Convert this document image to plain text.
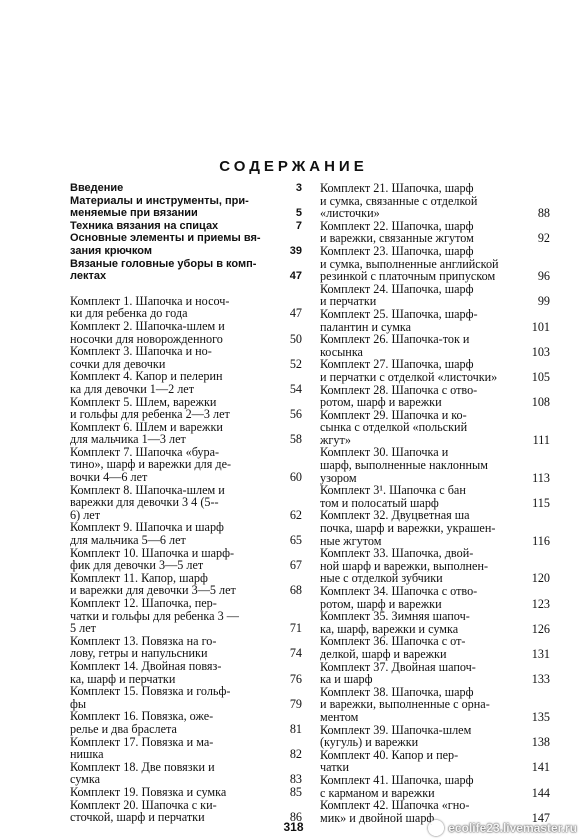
СОДЕРЖАНИЕ
Введение	3
Материалы и инструменты, при-
меняемые при вязании	5
Техника вязания на спицах	7
Основные элементы и приемы вя-
зания крючком	39
Вязаные головные уборы в комп-
лектах	47
Комплект 1. Шапочка и носоч-
ки для ребенка до года	47
Комплект 2. Шапочка-шлем и
носочки для новорожденного	50
Комплект 3. Шапочка и но-
сочки для девочки	52
Комплект 4. Капор и пелерин
ка для девочки 1—2 лет	54
Комплект 5. Шлем, варежки
и гольфы для ребенка 2—3 лет	56
Комплект 6. Шлем и варежки
для мальчика 1—3 лет	58
Комплект 7. Шапочка «бура-
тино», шарф и варежки для де-
вочки 4—6 лет	60
Комплект 8. Шапочка-шлем и
варежки для девочки 3 4 (5--
6) лет	62
Комплект 9. Шапочка и шарф
для мальчика 5—6 лет	65
Комплект 10. Шапочка и шарф-
фик для девочки 3—5 лет	67
Комплект 11. Капор, шарф
и варежки для девочки 3—5 лет	68
Комплект 12. Шапочка, пер-
чатки и гольфы для ребенка 3 —
5 лет	71
Комплект 13. Повязка на го-
лову, гетры и напульсники	74
Комплект 14. Двойная повяз-
ка, шарф и перчатки	76
Комплект 15. Повязка и гольф-
фы	79
Комплект 16. Повязка, оже-
релье и два браслета	81
Комплект 17. Повязка и ма-
нишка	82
Комплект 18. Две повязки и
сумка	83
Комплект 19. Повязка и сумка	85
Комплект 20. Шапочка с ки-
сточкой, шарф и перчатки	86
Комплект 21. Шапочка, шарф
и сумка, связанные с отделкой
«листочки»	88
Комплект 22. Шапочка, шарф
и варежки, связанные жгутом	92
Комплект 23. Шапочка, шарф
и сумка, выполненные английской
резинкой с платочным припуском	96
Комплект 24. Шапочка, шарф
и перчатки	99
Комплект 25. Шапочка, шарф-
палантин и сумка	101
Комплект 26. Шапочка-ток и
косынка	103
Комплект 27. Шапочка, шарф
и перчатки с отделкой «листочки»	105
Комплект 28. Шапочка с отво-
ротом, шарф и варежки	108
Комплект 29. Шапочка и ко-
сынка с отделкой «польский
жгут»	111
Комплект 30. Шапочка и
шарф, выполненные наклонным
узором	113
Комплект 3¹. Шапочка с бан
том и полосатый шарф	115
Комплект 32. Двуцветная ша
почка, шарф и варежки, украшен-
ные жгутом	116
Комплект 33. Шапочка, двой-
ной шарф и варежки, выполнен-
ные с отделкой зубчики	120
Комплект 34. Шапочка с отво-
ротом, шарф и варежки	123
Комплект 35. Зимняя шапоч-
ка, шарф, варежки и сумка	126
Комплект 36. Шапочка с от-
делкой, шарф и варежки	131
Комплект 37. Двойная шапоч-
ка и шарф	133
Комплект 38. Шапочка, шарф
и варежки, выполненные с орна-
ментом	135
Комплект 39. Шапочка-шлем
(кугуль) и варежки	138
Комплект 40. Капор и пер-
чатки	141
Комплект 41. Шапочка, шарф
с карманом и варежки	144
Комплект 42. Шапочка «гно-
мик» и двойной шарф	147
318	ecolife23.livemaster.ru
